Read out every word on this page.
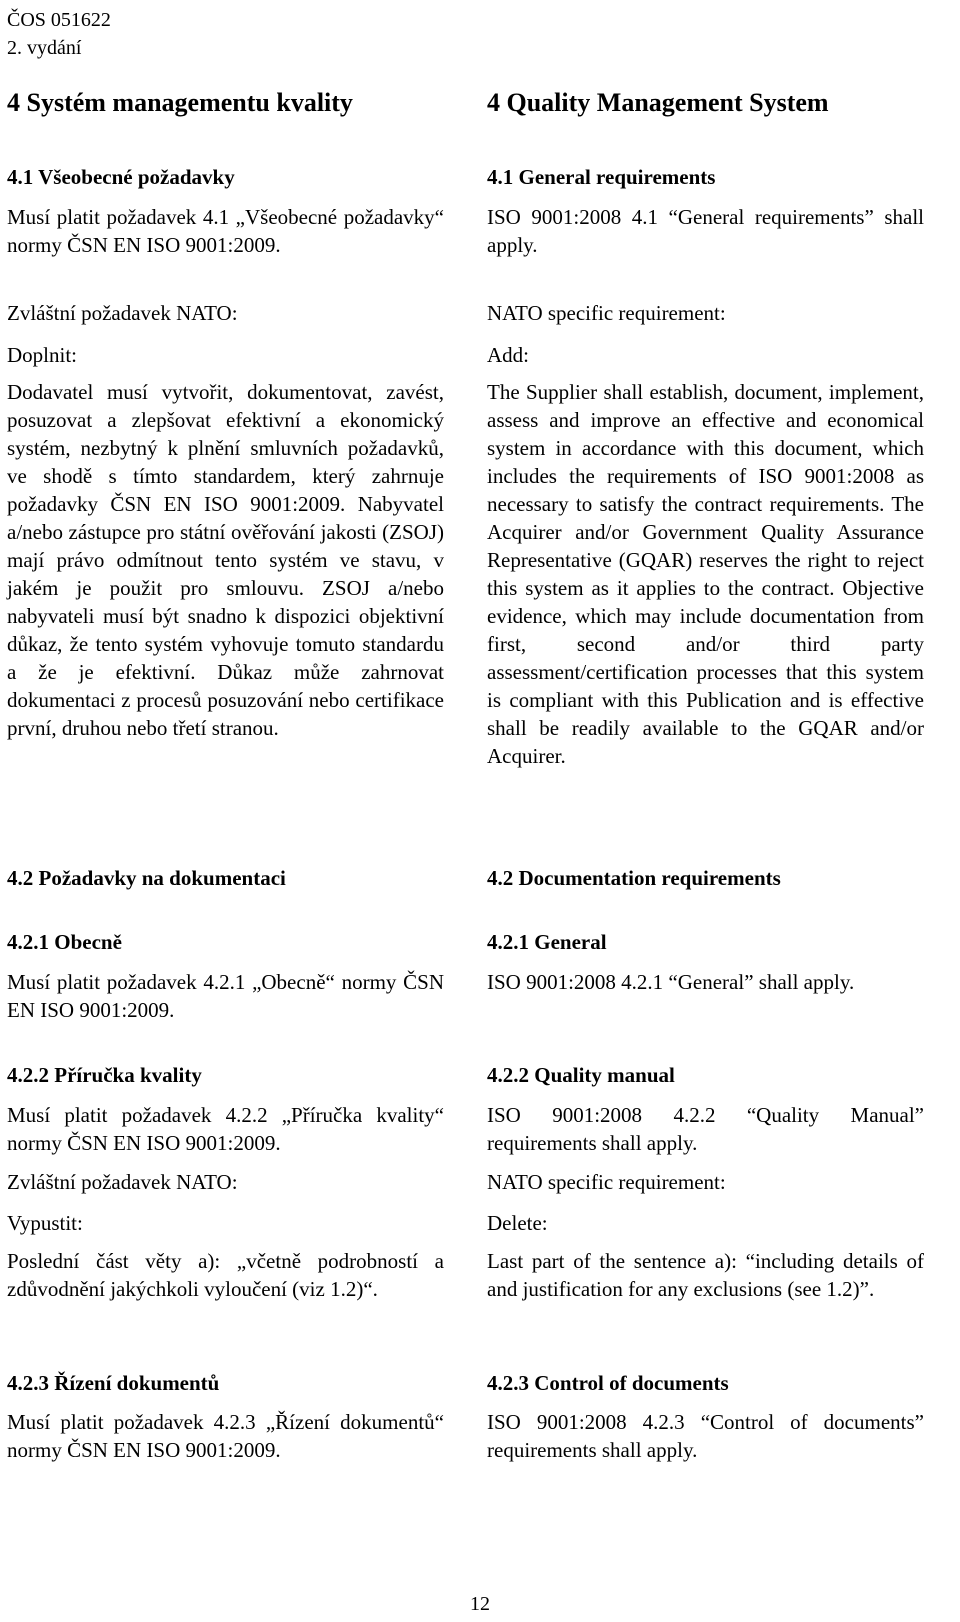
ČOS 051622
2. vydání
4 Systém managementu kvality
4.1 Všeobecné požadavky

Musí platit požadavek 4.1 „Všeobecné požadavky“ normy ČSN EN ISO 9001:2009.

Zvláštní požadavek NATO:
Doplnit:

Dodavatel musí vytvořit, dokumentovat, zavést, posuzovat a zlepšovat efektivní a ekonomický systém, nezbytný k plnění smluvních požadavků, ve shodě s tímto standardem, který zahrnuje požadavky ČSN EN ISO 9001:2009. Nabyvatel a/nebo zástupce pro státní ověřování jakosti (ZSOJ) mají právo odmítnout tento systém ve stavu, v jakém je použit pro smlouvu. ZSOJ a/nebo nabyvateli musí být snadno k dispozici objektivní důkaz, že tento systém vyhovuje tomuto standardu a že je efektivní. Důkaz může zahrnovat dokumentaci z procesů posuzování nebo certifikace první, druhou nebo třetí stranou.

4.2 Požadavky na dokumentaci
4.2.1 Obecně

Musí platit požadavek 4.2.1 „Obecně“ normy ČSN EN ISO 9001:2009.

4.2.2 Příručka kvality

Musí platit požadavek 4.2.2 „Příručka kvality“ normy ČSN EN ISO 9001:2009.

Zvláštní požadavek NATO:
Vypustit:

Poslední část věty a): „včetně podrobností a zdůvodnění jakýchkoli vyloučení (viz 1.2)“.

4.2.3 Řízení dokumentů

Musí platit požadavek 4.2.3 „Řízení dokumentů“ normy ČSN EN ISO 9001:2009.

4 Quality Management System
4.1 General requirements

ISO 9001:2008 4.1 “General requirements” shall apply.

NATO specific requirement:
Add:

The Supplier shall establish, document, implement, assess and improve an effective and economical system in accordance with this document, which includes the requirements of ISO 9001:2008 as necessary to satisfy the contract requirements. The Acquirer and/or Government Quality Assurance Representative (GQAR) reserves the right to reject this system as it applies to the contract. Objective evidence, which may include documentation from first, second and/or third party assessment/certification processes that this system is compliant with this Publication and is effective shall be readily available to the GQAR and/or Acquirer.

4.2 Documentation requirements
4.2.1 General

ISO 9001:2008 4.2.1 “General” shall apply.

4.2.2 Quality manual

ISO 9001:2008 4.2.2 “Quality Manual” requirements shall apply.

NATO specific requirement:
Delete:

Last part of the sentence a): “including details of and justification for any exclusions (see 1.2)”.

4.2.3 Control of documents

ISO 9001:2008 4.2.3 “Control of documents” requirements shall apply.

12
